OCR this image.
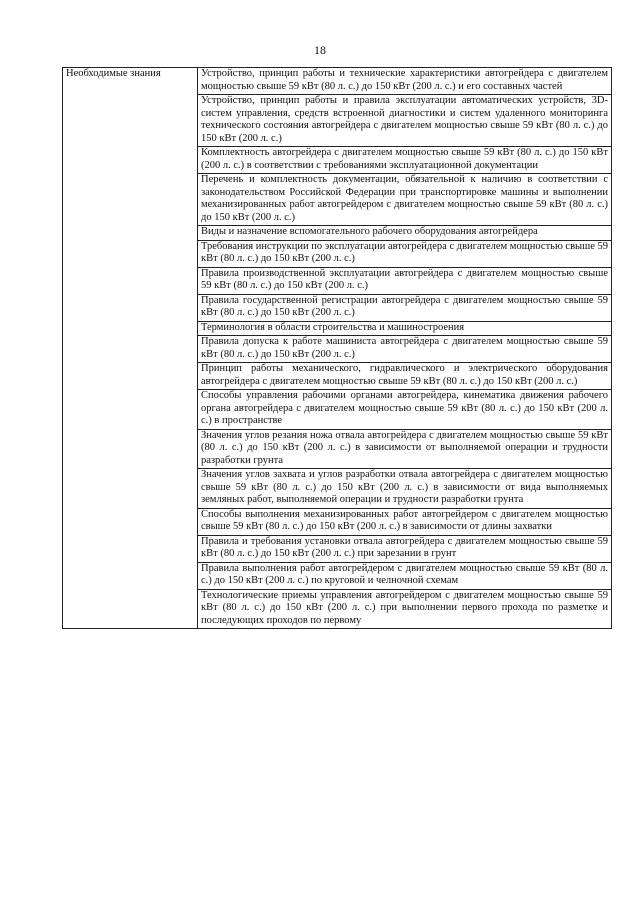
18
Необходимые знания	Устройство, принцип работы и технические характеристики автогрейдера с двигателем мощностью свыше 59 кВт (80 л. с.) до 150 кВт (200 л. с.) и его составных частей
Устройство, принцип работы и правила эксплуатации автоматических устройств, 3D-систем управления, средств встроенной диагностики и систем удаленного мониторинга технического состояния автогрейдера с двигателем мощностью свыше 59 кВт (80 л. с.) до 150 кВт (200 л. с.)
Комплектность автогрейдера с двигателем мощностью свыше 59 кВт (80 л. с.) до 150 кВт (200 л. с.) в соответствии с требованиями эксплуатационной документации
Перечень и комплектность документации, обязательной к наличию в соответствии с законодательством Российской Федерации при транспортировке машины и выполнении механизированных работ автогрейдером с двигателем мощностью свыше 59 кВт (80 л. с.) до 150 кВт (200 л. с.)
Виды и назначение вспомогательного рабочего оборудования автогрейдера
Требования инструкции по эксплуатации автогрейдера с двигателем мощностью свыше 59 кВт (80 л. с.) до 150 кВт (200 л. с.)
Правила производственной эксплуатации автогрейдера с двигателем мощностью свыше 59 кВт (80 л. с.) до 150 кВт (200 л. с.)
Правила государственной регистрации автогрейдера с двигателем мощностью свыше 59 кВт (80 л. с.) до 150 кВт (200 л. с.)
Терминология в области строительства и машиностроения
Правила допуска к работе машиниста автогрейдера с двигателем мощностью свыше 59 кВт (80 л. с.) до 150 кВт (200 л. с.)
Принцип работы механического, гидравлического и электрического оборудования автогрейдера с двигателем мощностью свыше 59 кВт (80 л. с.) до 150 кВт (200 л. с.)
Способы управления рабочими органами автогрейдера, кинематика движения рабочего органа автогрейдера с двигателем мощностью свыше 59 кВт (80 л. с.) до 150 кВт (200 л. с.) в пространстве
Значения углов резания ножа отвала автогрейдера с двигателем мощностью свыше 59 кВт (80 л. с.) до 150 кВт (200 л. с.) в зависимости от выполняемой операции и трудности разработки грунта
Значения углов захвата и углов разработки отвала автогрейдера с двигателем мощностью свыше 59 кВт (80 л. с.) до 150 кВт (200 л. с.) в зависимости от вида выполняемых земляных работ, выполняемой операции и трудности разработки грунта
Способы выполнения механизированных работ автогрейдером с двигателем мощностью свыше 59 кВт (80 л. с.) до 150 кВт (200 л. с.) в зависимости от длины захватки
Правила и требования установки отвала автогрейдера с двигателем мощностью свыше 59 кВт (80 л. с.) до 150 кВт (200 л. с.) при зарезании в грунт
Правила выполнения работ автогрейдером с двигателем мощностью свыше 59 кВт (80 л. с.) до 150 кВт (200 л. с.) по круговой и челночной схемам
Технологические приемы управления автогрейдером с двигателем мощностью свыше 59 кВт (80 л. с.) до 150 кВт (200 л. с.) при выполнении первого прохода по разметке и последующих проходов по первому
